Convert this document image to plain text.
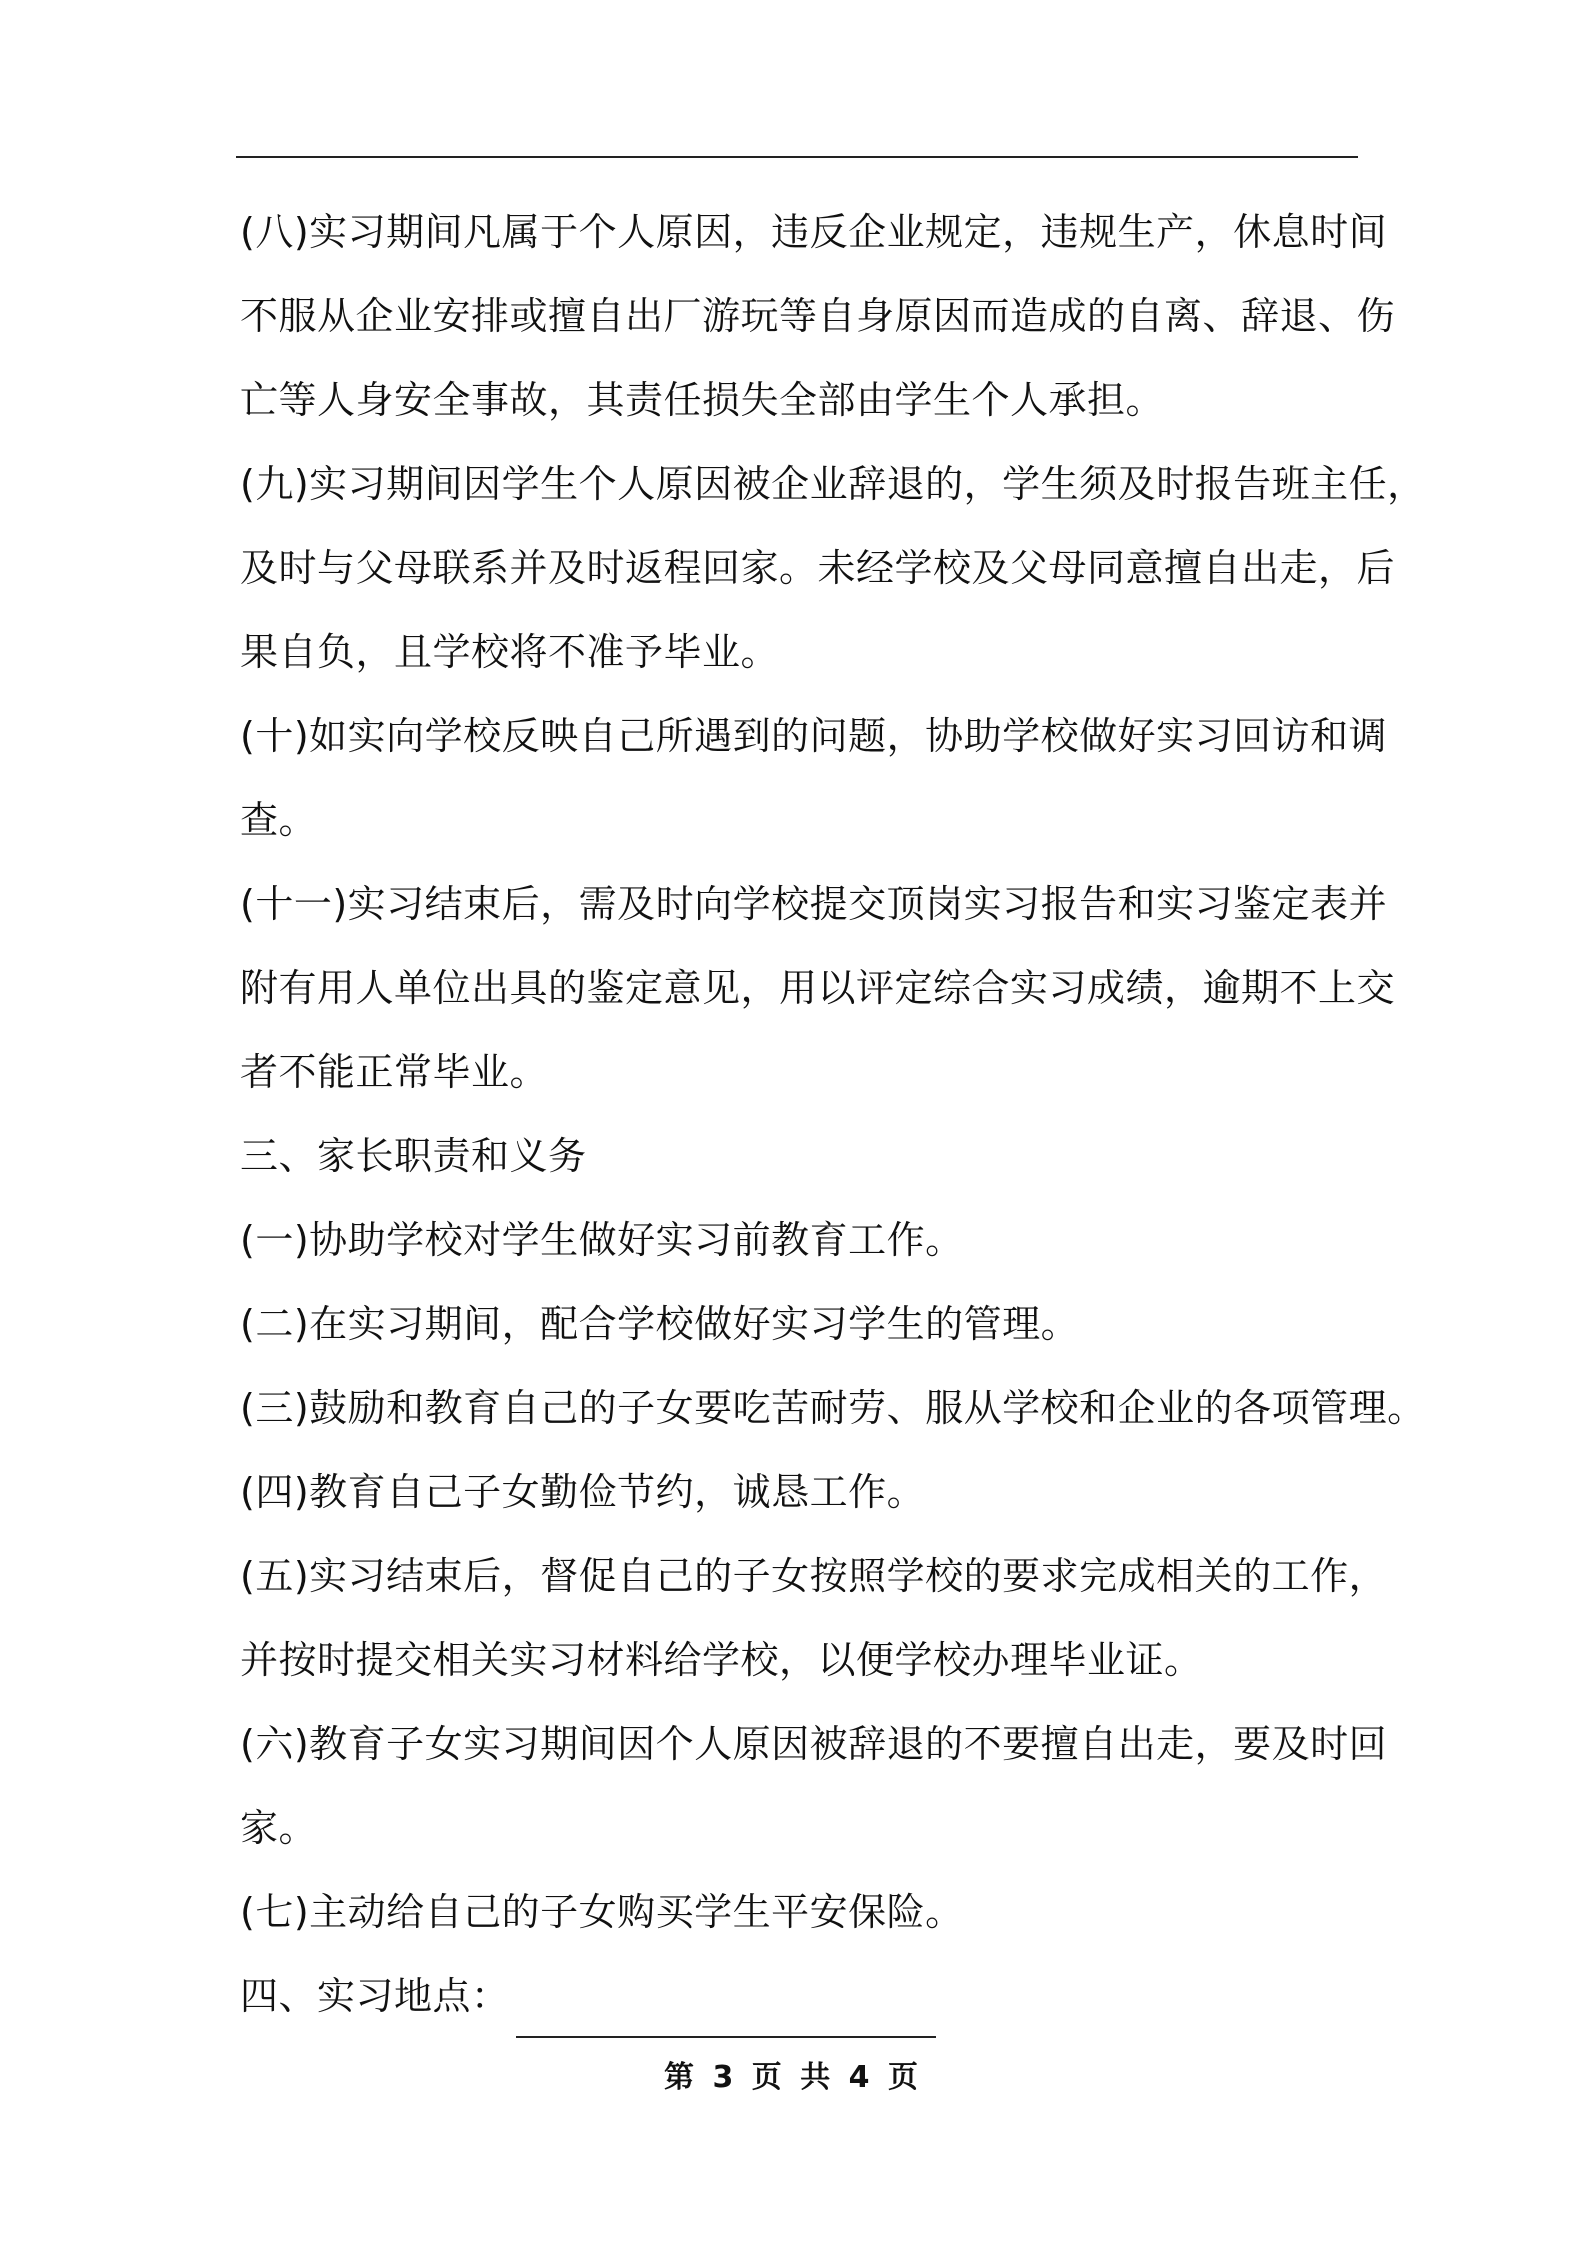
(八)实习期间凡属于个人原因，违反企业规定，违规生产，休息时间
不服从企业安排或擅自出厂游玩等自身原因而造成的自离、辞退、伤
亡等人身安全事故，其责任损失全部由学生个人承担。
(九)实习期间因学生个人原因被企业辞退的，学生须及时报告班主任，
及时与父母联系并及时返程回家。未经学校及父母同意擅自出走，后
果自负，且学校将不准予毕业。
(十)如实向学校反映自己所遇到的问题，协助学校做好实习回访和调
查。
(十一)实习结束后，需及时向学校提交顶岗实习报告和实习鉴定表并
附有用人单位出具的鉴定意见，用以评定综合实习成绩，逾期不上交
者不能正常毕业。
三、家长职责和义务
(一)协助学校对学生做好实习前教育工作。
(二)在实习期间，配合学校做好实习学生的管理。
(三)鼓励和教育自己的子女要吃苦耐劳、服从学校和企业的各项管理。
(四)教育自己子女勤俭节约，诚恳工作。
(五)实习结束后，督促自己的子女按照学校的要求完成相关的工作，
并按时提交相关实习材料给学校，以便学校办理毕业证。
(六)教育子女实习期间因个人原因被辞退的不要擅自出走，要及时回
家。
(七)主动给自己的子女购买学生平安保险。
四、实习地点：
第 3 页 共 4 页
